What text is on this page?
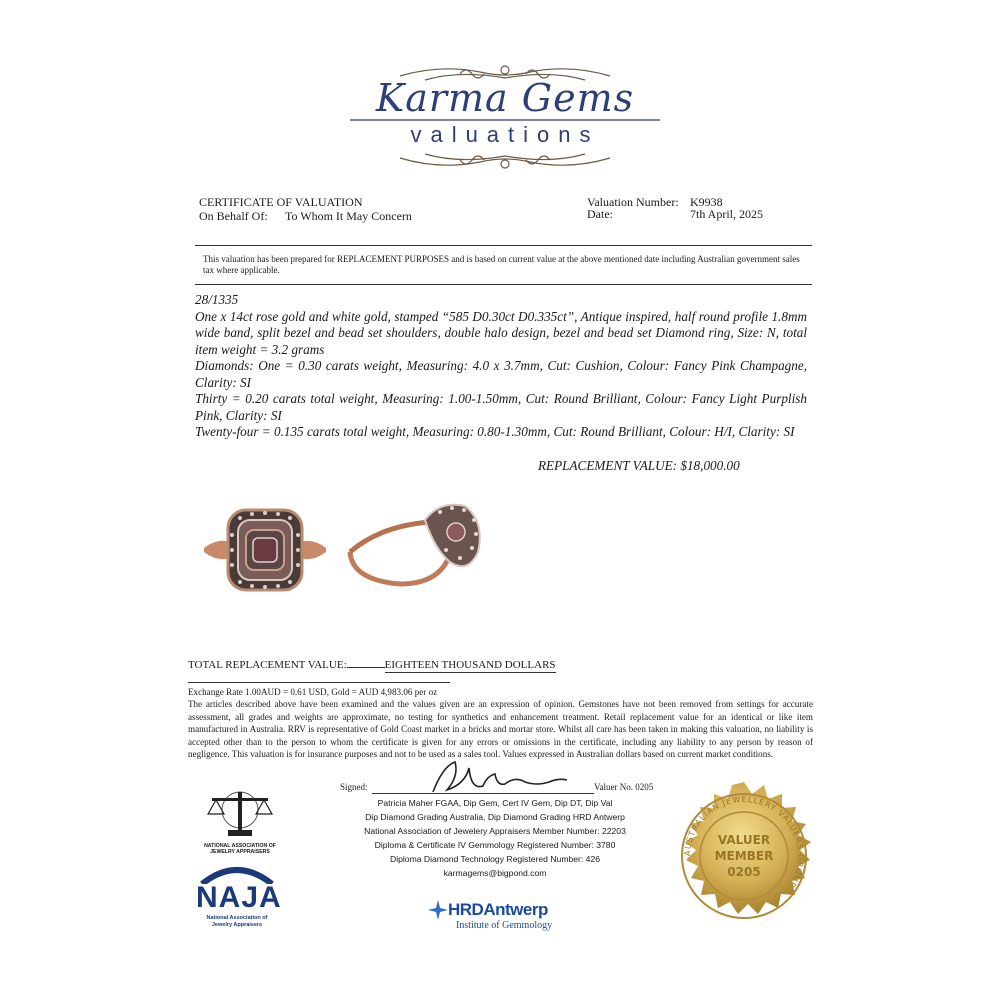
Karma Gems
valuations
CERTIFICATE OF VALUATION
On Behalf Of: To Whom It May Concern
Valuation Number: K9938
Date:	7th April, 2025
This valuation has been prepared for REPLACEMENT PURPOSES and is based on current value at the above mentioned date including Australian government sales tax where applicable.

28/1335

One x 14ct rose gold and white gold, stamped “585 D0.30ct D0.335ct”, Antique inspired, half round profile 1.8mm wide band, split bezel and bead set shoulders, double halo design, bezel and bead set Diamond ring, Size: N, total item weight = 3.2 grams

Diamonds: One = 0.30 carats weight, Measuring: 4.0 x 3.7mm, Cut: Cushion, Colour: Fancy Pink Champagne, Clarity: SI

Thirty = 0.20 carats total weight, Measuring: 1.00-1.50mm, Cut: Round Brilliant, Colour: Fancy Light Purplish Pink, Clarity: SI

Twenty-four = 0.135 carats total weight, Measuring: 0.80-1.30mm, Cut: Round Brilliant, Colour: H/I, Clarity: SI

REPLACEMENT VALUE: $18,000.00
TOTAL REPLACEMENT VALUE:	EIGHTEEN THOUSAND DOLLARS

Exchange Rate 1.00AUD = 0.61 USD, Gold = AUD 4,983.06 per oz

The articles described above have been examined and the values given are an expression of opinion. Gemstones have not been removed from settings for accurate assessment, all grades and weights are approximate, no testing for synthetics and enhancement treatment. Retail replacement value for an identical or like item manufactured in Australia. RRV is representative of Gold Coast market in a bricks and mortar store. Whilst all care has been taken in making this valuation, no liability is accepted other than to the person to whom the certificate is given for any errors or omissions in the certificate, including any liability to any person by reason of negligence. This valuation is for insurance purposes and not to be used as a sales tool. Values expressed in Australian dollars based on current market conditions.

Signed:	Valuer No. 0205
Patricia Maher FGAA, Dip Gem, Cert IV Gem, Dip DT, Dip Val
Dip Diamond Grading Australia, Dip Diamond Grading HRD Antwerp
National Association of Jewelery Appraisers Member Number: 22203
Diploma & Certificate IV Gemmology Registered Number: 3780
Diploma Diamond Technology Registered Number: 426
karmagems@bigpond.com
NATIONAL ASSOCIATION OF
JEWELRY APPRAISERS
NAJA
National Association of
Jewelry Appraisers
HRDAntwerp
Institute of Gemmology
AUSTRALIAN JEWELLERY VALUERS GROUP
VALUER
MEMBER
0205
